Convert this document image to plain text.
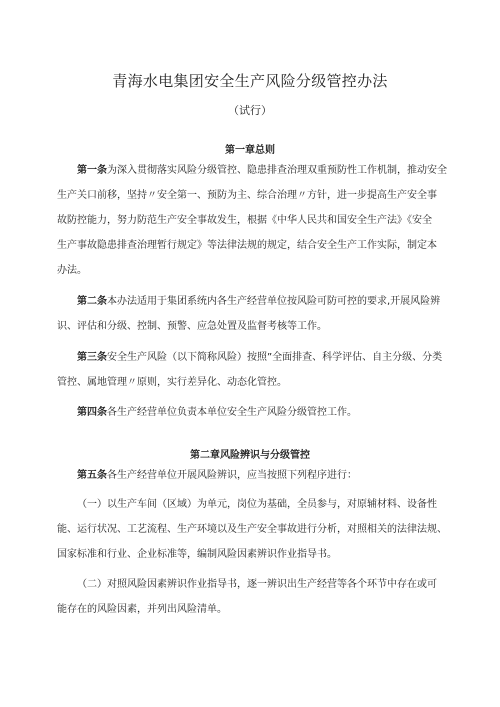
青海水电集团安全生产风险分级管控办法
（试行）
第一章总则
第一条为深入贯彻落实风险分级管控、隐患排查治理双重预防性工作机制，推动安全
生产关口前移，坚持〃安全第一、预防为主、综合治理〃方针，进一步提高生产安全事
故防控能力，努力防范生产安全事故发生，根据《中华人民共和国安全生产法》《安全
生产事故隐患排查治理暂行规定》等法律法规的规定，结合安全生产工作实际，制定本
办法。
第二条本办法适用于集团系统内各生产经营单位按风险可防可控的要求,开展风险辨
识、评估和分级、控制、预警、应急处置及监督考核等工作。
第三条安全生产风险（以下简称风险）按照”全面排查、科学评估、自主分级、分类
管控、属地管理〃原则，实行差异化、动态化管控。
第四条各生产经营单位负责本单位安全生产风险分级管控工作。
第二章风险辨识与分级管控
第五条各生产经营单位开展风险辨识，应当按照下列程序进行：
（一）以生产车间（区域）为单元，岗位为基础，全员参与，对原辅材料、设备性
能、运行状况、工艺流程、生产环境以及生产安全事故进行分析，对照相关的法律法规、
国家标准和行业、企业标准等，编制风险因素辨识作业指导书。
（二）对照风险因素辨识作业指导书，逐一辨识出生产经营等各个环节中存在或可
能存在的风险因素，并列出风险清单。
